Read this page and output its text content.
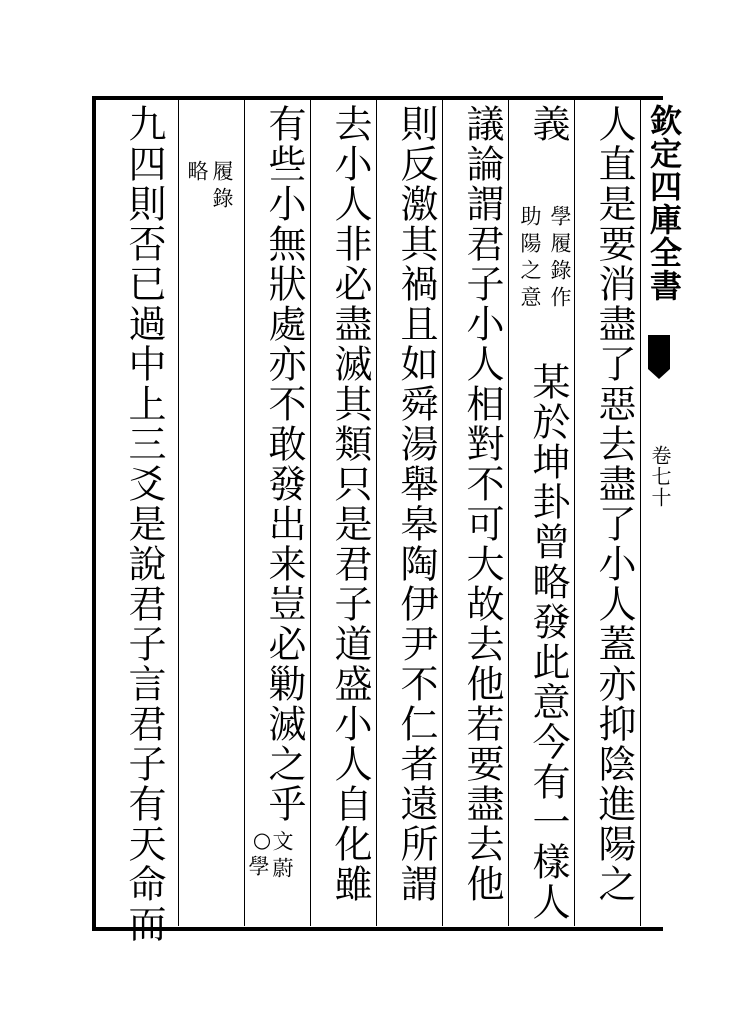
欽定四庫全書
卷七十
人直是要消盡了惡去盡了小人蓋亦抑陰進陽之
義
學履錄作
助陽之意
某於坤卦曾略發此意今有一樣人
議論謂君子小人相對不可大故去他若要盡去他
則反激其禍且如舜湯舉皋陶伊尹不仁者遠所謂
去小人非必盡滅其類只是君子道盛小人自化雖
有些小無狀處亦不敢發出来豈必勦滅之乎
文蔚
學
○
履錄
略
九四則否已過中上三爻是說君子言君子有天命而
